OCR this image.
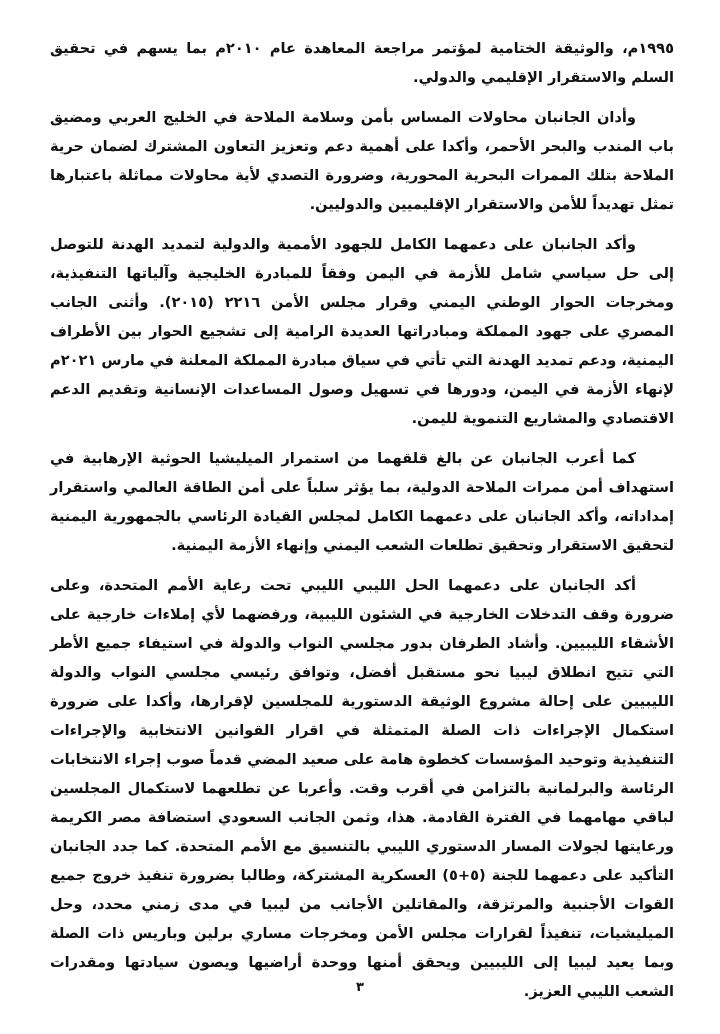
١٩٩٥م، والوثيقة الختامية لمؤتمر مراجعة المعاهدة عام ٢٠١٠م بما يسهم في تحقيق السلم والاستقرار الإقليمي والدولي.

وأدان الجانبان محاولات المساس بأمن وسلامة الملاحة في الخليج العربي ومضيق باب المندب والبحر الأحمر، وأكدا على أهمية دعم وتعزيز التعاون المشترك لضمان حرية الملاحة بتلك الممرات البحرية المحورية، وضرورة التصدي لأية محاولات مماثلة باعتبارها تمثل تهديداً للأمن والاستقرار الإقليميين والدوليين.

وأكد الجانبان على دعمهما الكامل للجهود الأممية والدولية لتمديد الهدنة للتوصل إلى حل سياسي شامل للأزمة في اليمن وفقاً للمبادرة الخليجية وآلياتها التنفيذية، ومخرجات الحوار الوطني اليمني وقرار مجلس الأمن ٢٢١٦ (٢٠١٥). وأثنى الجانب المصري على جهود المملكة ومبادراتها العديدة الرامية إلى تشجيع الحوار بين الأطراف اليمنية، ودعم تمديد الهدنة التي تأتي في سياق مبادرة المملكة المعلنة في مارس ٢٠٢١م لإنهاء الأزمة في اليمن، ودورها في تسهيل وصول المساعدات الإنسانية وتقديم الدعم الاقتصادي والمشاريع التنموية لليمن.

كما أعرب الجانبان عن بالغ قلقهما من استمرار الميليشيا الحوثية الإرهابية في استهداف أمن ممرات الملاحة الدولية، بما يؤثر سلباً على أمن الطاقة العالمي واستقرار إمداداته، وأكد الجانبان على دعمهما الكامل لمجلس القيادة الرئاسي بالجمهورية اليمنية لتحقيق الاستقرار وتحقيق تطلعات الشعب اليمني وإنهاء الأزمة اليمنية.

أكد الجانبان على دعمهما الحل الليبي الليبي تحت رعاية الأمم المتحدة، وعلى ضرورة وقف التدخلات الخارجية في الشئون الليبية، ورفضهما لأي إملاءات خارجية على الأشقاء الليبيين. وأشاد الطرفان بدور مجلسي النواب والدولة في استيفاء جميع الأطر التي تتيح انطلاق ليبيا نحو مستقبل أفضل، وتوافق رئيسي مجلسي النواب والدولة الليبيين على إحالة مشروع الوثيقة الدستورية للمجلسين لإقرارها، وأكدا على ضرورة استكمال الإجراءات ذات الصلة المتمثلة في اقرار القوانين الانتخابية والإجراءات التنفيذية وتوحيد المؤسسات كخطوة هامة على صعيد المضي قدماً صوب إجراء الانتخابات الرئاسة والبرلمانية بالتزامن في أقرب وقت. وأعربا عن تطلعهما لاستكمال المجلسين لباقي مهامهما في الفترة القادمة. هذا، وثمن الجانب السعودي استضافة مصر الكريمة ورعايتها لجولات المسار الدستوري الليبي بالتنسيق مع الأمم المتحدة. كما جدد الجانبان التأكيد على دعمهما للجنة (٥+٥) العسكرية المشتركة، وطالبا بضرورة تنفيذ خروج جميع القوات الأجنبية والمرتزقة، والمقاتلين الأجانب من ليبيا في مدى زمني محدد، وحل الميليشيات، تنفيذاً لقرارات مجلس الأمن ومخرجات مساري برلين وباريس ذات الصلة وبما يعيد ليبيا إلى الليبيين ويحقق أمنها ووحدة أراضيها ويصون سيادتها ومقدرات الشعب الليبي العزيز.

٣
